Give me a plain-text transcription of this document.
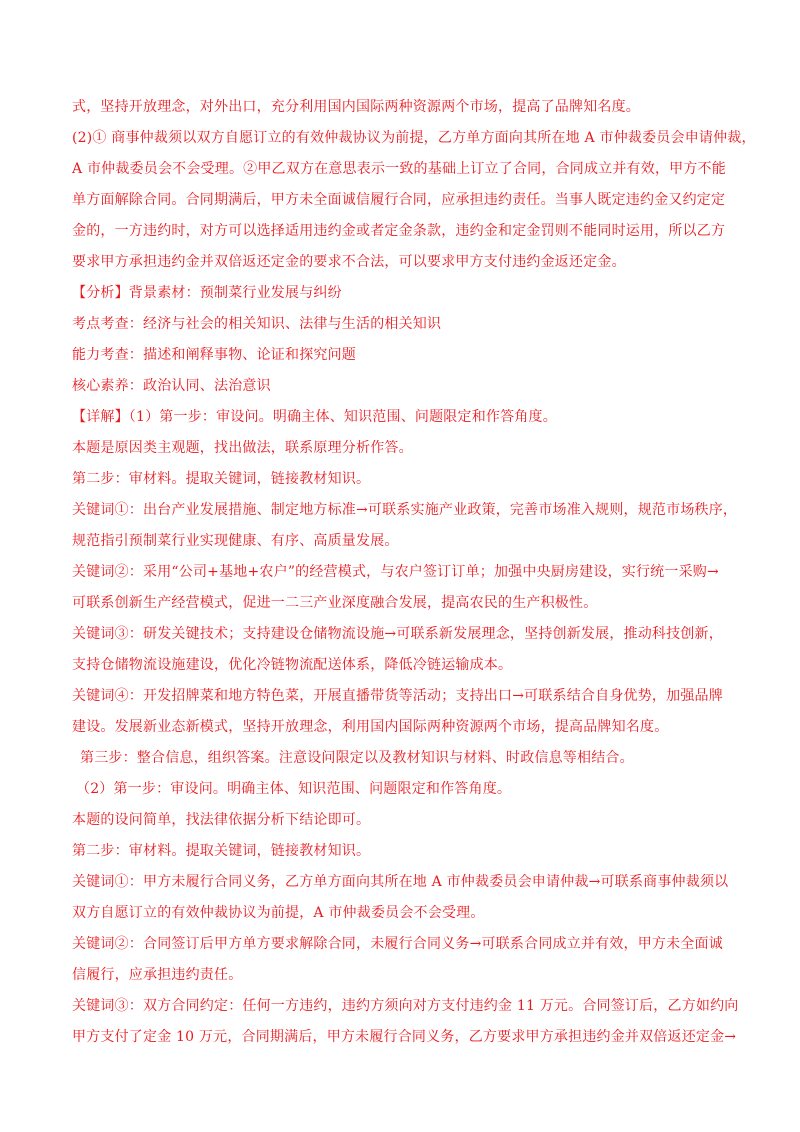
式，坚持开放理念，对外出口，充分利用国内国际两种资源两个市场，提高了品牌知名度。
(2)① 商事仲裁须以双方自愿订立的有效仲裁协议为前提，乙方单方面向其所在地 A 市仲裁委员会申请仲裁，
A 市仲裁委员会不会受理。②甲乙双方在意思表示一致的基础上订立了合同，合同成立并有效，甲方不能
单方面解除合同。合同期满后，甲方未全面诚信履行合同，应承担违约责任。当事人既定违约金又约定定
金的，一方违约时，对方可以选择适用违约金或者定金条款，违约金和定金罚则不能同时运用，所以乙方
要求甲方承担违约金并双倍返还定金的要求不合法，可以要求甲方支付违约金返还定金。
【分析】背景素材：预制菜行业发展与纠纷
考点考查：经济与社会的相关知识、法律与生活的相关知识
能力考查：描述和阐释事物、论证和探究问题
核心素养：政治认同、法治意识
【详解】（1）第一步：审设问。明确主体、知识范围、问题限定和作答角度。
本题是原因类主观题，找出做法，联系原理分析作答。
第二步：审材料。提取关键词，链接教材知识。
关键词①：出台产业发展措施、制定地方标准→可联系实施产业政策，完善市场准入规则，规范市场秩序，
规范指引预制菜行业实现健康、有序、高质量发展。
关键词②：采用“公司+基地+农户”的经营模式，与农户签订订单；加强中央厨房建设，实行统一采购→
可联系创新生产经营模式，促进一二三产业深度融合发展，提高农民的生产积极性。
关键词③：研发关键技术；支持建设仓储物流设施→可联系新发展理念，坚持创新发展，推动科技创新，
支持仓储物流设施建设，优化冷链物流配送体系，降低冷链运输成本。
关键词④：开发招牌菜和地方特色菜，开展直播带货等活动；支持出口→可联系结合自身优势，加强品牌
建设。发展新业态新模式，坚持开放理念，利用国内国际两种资源两个市场，提高品牌知名度。
第三步：整合信息，组织答案。注意设问限定以及教材知识与材料、时政信息等相结合。
（2）第一步：审设问。明确主体、知识范围、问题限定和作答角度。
本题的设问简单，找法律依据分析下结论即可。
第二步：审材料。提取关键词，链接教材知识。
关键词①：甲方未履行合同义务，乙方单方面向其所在地 A 市仲裁委员会申请仲裁→可联系商事仲裁须以
双方自愿订立的有效仲裁协议为前提，A 市仲裁委员会不会受理。
关键词②：合同签订后甲方单方要求解除合同，未履行合同义务→可联系合同成立并有效，甲方未全面诚
信履行，应承担违约责任。
关键词③：双方合同约定：任何一方违约，违约方须向对方支付违约金 11 万元。合同签订后，乙方如约向
甲方支付了定金 10 万元，合同期满后，甲方未履行合同义务，乙方要求甲方承担违约金并双倍返还定金→
